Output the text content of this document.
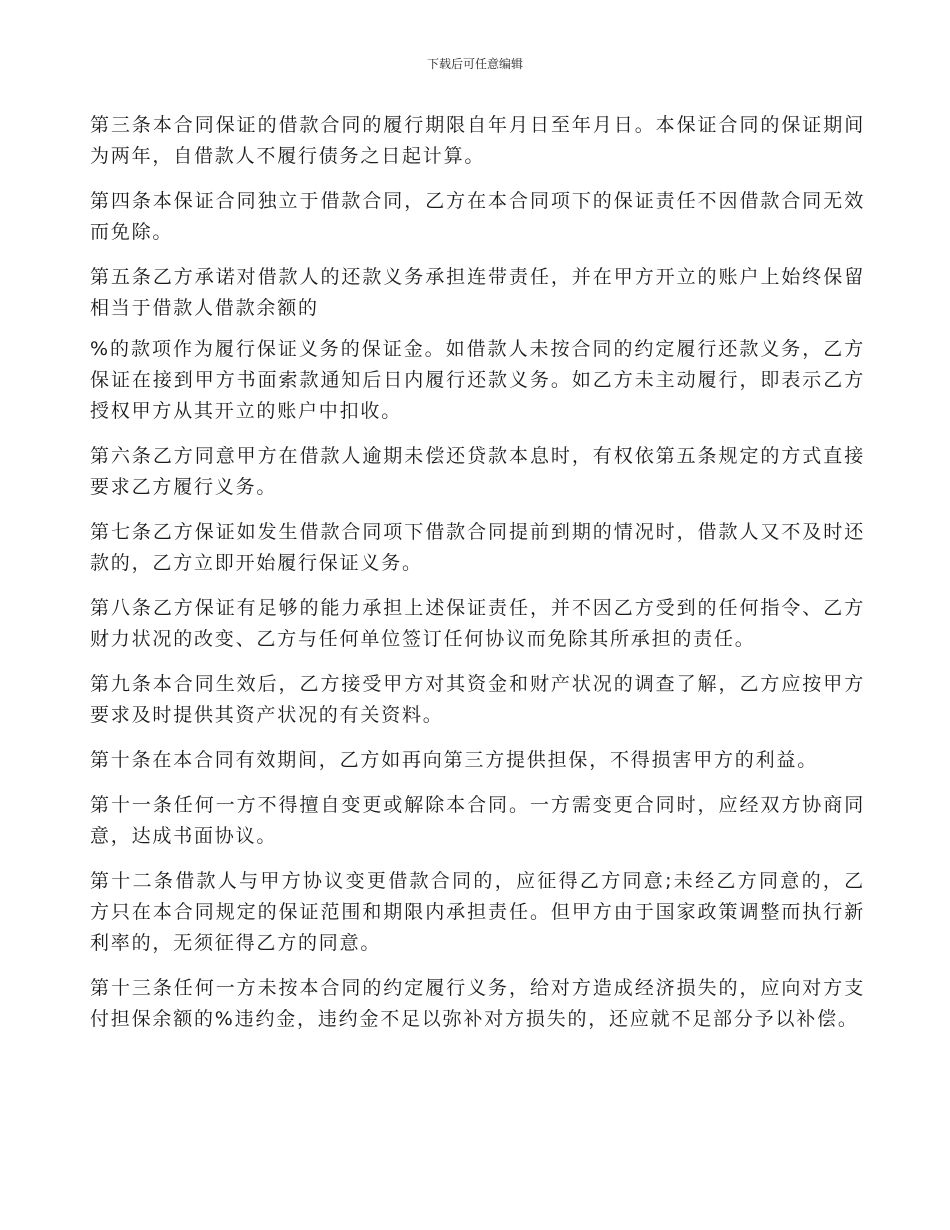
下载后可任意编辑

第三条本合同保证的借款合同的履行期限自年月日至年月日。本保证合同的保证期间为两年，自借款人不履行债务之日起计算。

第四条本保证合同独立于借款合同，乙方在本合同项下的保证责任不因借款合同无效而免除。

第五条乙方承诺对借款人的还款义务承担连带责任，并在甲方开立的账户上始终保留相当于借款人借款余额的

%的款项作为履行保证义务的保证金。如借款人未按合同的约定履行还款义务，乙方保证在接到甲方书面索款通知后日内履行还款义务。如乙方未主动履行，即表示乙方授权甲方从其开立的账户中扣收。

第六条乙方同意甲方在借款人逾期未偿还贷款本息时，有权依第五条规定的方式直接要求乙方履行义务。

第七条乙方保证如发生借款合同项下借款合同提前到期的情况时，借款人又不及时还款的，乙方立即开始履行保证义务。

第八条乙方保证有足够的能力承担上述保证责任，并不因乙方受到的任何指令、乙方财力状况的改变、乙方与任何单位签订任何协议而免除其所承担的责任。

第九条本合同生效后，乙方接受甲方对其资金和财产状况的调查了解，乙方应按甲方要求及时提供其资产状况的有关资料。

第十条在本合同有效期间，乙方如再向第三方提供担保，不得损害甲方的利益。

第十一条任何一方不得擅自变更或解除本合同。一方需变更合同时，应经双方协商同意，达成书面协议。

第十二条借款人与甲方协议变更借款合同的，应征得乙方同意;未经乙方同意的，乙方只在本合同规定的保证范围和期限内承担责任。但甲方由于国家政策调整而执行新利率的，无须征得乙方的同意。

第十三条任何一方未按本合同的约定履行义务，给对方造成经济损失的，应向对方支付担保余额的%违约金，违约金不足以弥补对方损失的，还应就不足部分予以补偿。
